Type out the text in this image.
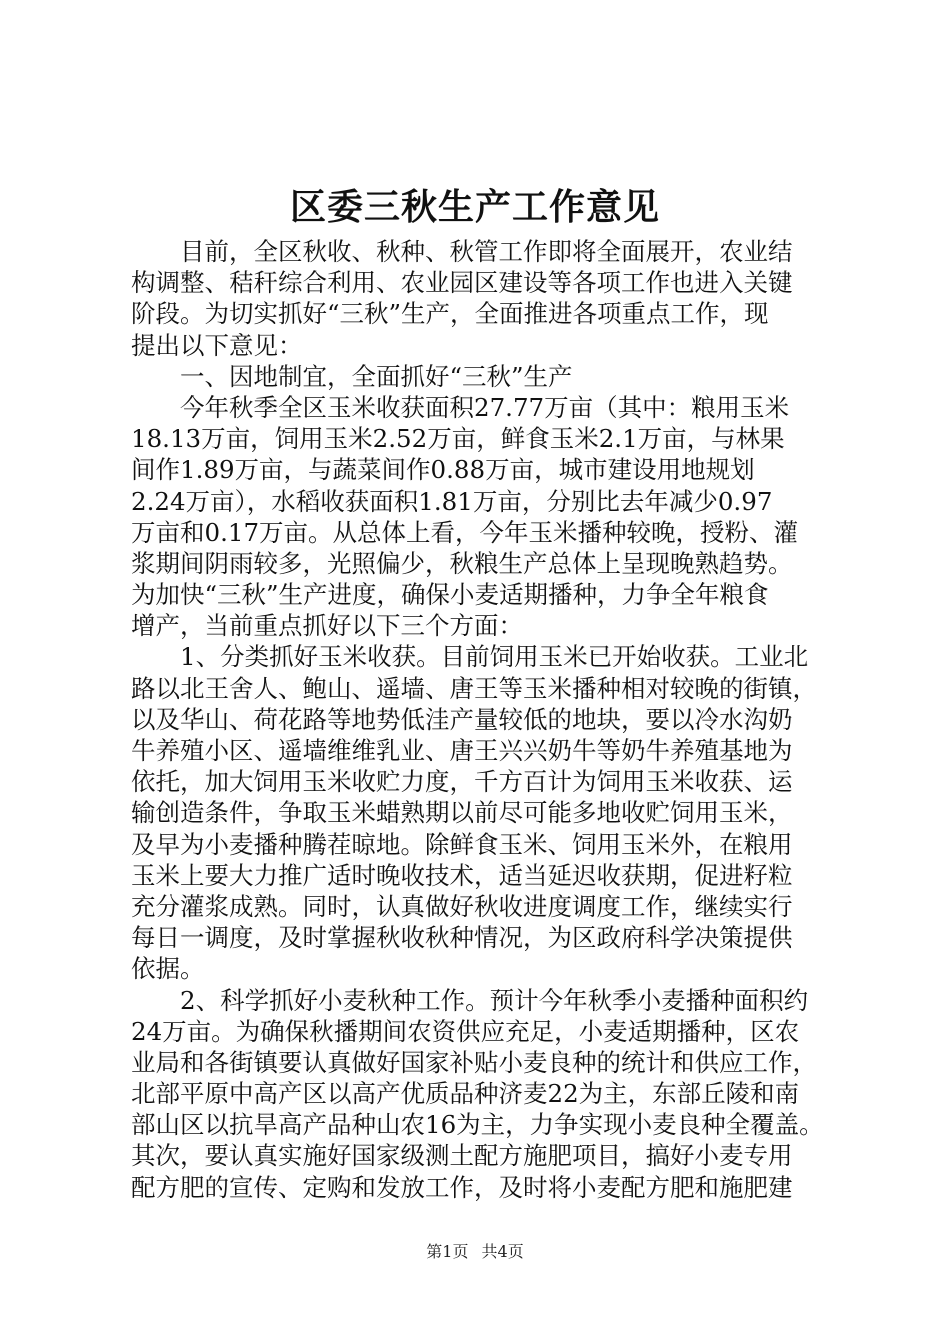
区委三秋生产工作意见
　　目前，全区秋收、秋种、秋管工作即将全面展开，农业结
构调整、秸秆综合利用、农业园区建设等各项工作也进入关键
阶段。为切实抓好“三秋”生产，全面推进各项重点工作，现
提出以下意见：
　　一、因地制宜，全面抓好“三秋”生产
　　今年秋季全区玉米收获面积27.77万亩（其中：粮用玉米
18.13万亩，饲用玉米2.52万亩，鲜食玉米2.1万亩，与林果
间作1.89万亩，与蔬菜间作0.88万亩，城市建设用地规划
2.24万亩），水稻收获面积1.81万亩，分别比去年减少0.97
万亩和0.17万亩。从总体上看，今年玉米播种较晚，授粉、灌
浆期间阴雨较多，光照偏少，秋粮生产总体上呈现晚熟趋势。
为加快“三秋”生产进度，确保小麦适期播种，力争全年粮食
增产，当前重点抓好以下三个方面：
　　1、分类抓好玉米收获。目前饲用玉米已开始收获。工业北
路以北王舍人、鲍山、遥墙、唐王等玉米播种相对较晚的街镇，
以及华山、荷花路等地势低洼产量较低的地块，要以冷水沟奶
牛养殖小区、遥墙维维乳业、唐王兴兴奶牛等奶牛养殖基地为
依托，加大饲用玉米收贮力度，千方百计为饲用玉米收获、运
输创造条件，争取玉米蜡熟期以前尽可能多地收贮饲用玉米，
及早为小麦播种腾茬晾地。除鲜食玉米、饲用玉米外，在粮用
玉米上要大力推广适时晚收技术，适当延迟收获期，促进籽粒
充分灌浆成熟。同时，认真做好秋收进度调度工作，继续实行
每日一调度，及时掌握秋收秋种情况，为区政府科学决策提供
依据。
　　2、科学抓好小麦秋种工作。预计今年秋季小麦播种面积约
24万亩。为确保秋播期间农资供应充足，小麦适期播种，区农
业局和各街镇要认真做好国家补贴小麦良种的统计和供应工作，
北部平原中高产区以高产优质品种济麦22为主，东部丘陵和南
部山区以抗旱高产品种山农16为主，力争实现小麦良种全覆盖。
其次，要认真实施好国家级测土配方施肥项目，搞好小麦专用
配方肥的宣传、定购和发放工作，及时将小麦配方肥和施肥建
第1页 共4页
